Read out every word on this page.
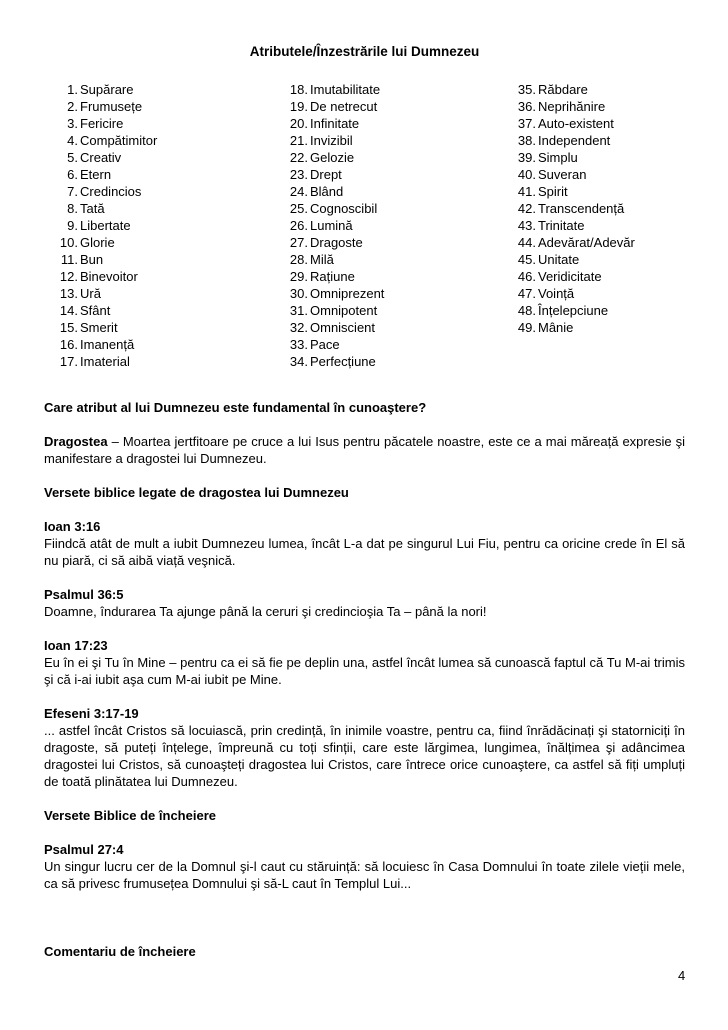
Atributele/Înzestrările lui Dumnezeu
1. Supărare
2. Frumusețe
3. Fericire
4. Compătimitor
5. Creativ
6. Etern
7. Credincios
8. Tată
9. Libertate
10. Glorie
11. Bun
12. Binevoitor
13. Ură
14. Sfânt
15. Smerit
16. Imanență
17. Imaterial
18. Imutabilitate
19. De netrecut
20. Infinitate
21. Invizibil
22. Gelozie
23. Drept
24. Blând
25. Cognoscibil
26. Lumină
27. Dragoste
28. Milă
29. Rațiune
30. Omniprezent
31. Omnipotent
32. Omniscient
33. Pace
34. Perfecțiune
35. Răbdare
36. Neprihănire
37. Auto-existent
38. Independent
39. Simplu
40. Suveran
41. Spirit
42. Transcendență
43. Trinitate
44. Adevărat/Adevăr
45. Unitate
46. Veridicitate
47. Voință
48. Înțelepciune
49. Mânie

Care atribut al lui Dumnezeu este fundamental în cunoaştere?

Dragostea – Moartea jertfitoare pe cruce a lui Isus pentru păcatele noastre, este ce a mai măreață expresie şi manifestare a dragostei lui Dumnezeu.

Versete biblice legate de dragostea lui Dumnezeu

Ioan 3:16

Fiindcă atât de mult a iubit Dumnezeu lumea, încât L-a dat pe singurul Lui Fiu, pentru ca oricine crede în El să nu piară, ci să aibă viață veşnică.

Psalmul 36:5

Doamne, îndurarea Ta ajunge până la ceruri şi credincioşia Ta – până la nori!

Ioan 17:23

Eu în ei şi Tu în Mine – pentru ca ei să fie pe deplin una, astfel încât lumea să cunoască faptul că Tu M-ai trimis şi că i-ai iubit aşa cum M-ai iubit pe Mine.

Efeseni 3:17-19

... astfel încât Cristos să locuiască, prin credință, în inimile voastre, pentru ca, fiind înrădăcinați şi statorniciți în dragoste, să puteți înțelege, împreună cu toți sfinții, care este lărgimea, lungimea, înălțimea şi adâncimea dragostei lui Cristos, să cunoaşteți dragostea lui Cristos, care întrece orice cunoaştere, ca astfel să fiți umpluți de toată plinătatea lui Dumnezeu.

Versete Biblice de încheiere

Psalmul 27:4

Un singur lucru cer de la Domnul şi-l caut cu stăruință: să locuiesc în Casa Domnului în toate zilele vieții mele, ca să privesc frumusețea Domnului şi să-L caut în Templul Lui...

Comentariu de încheiere

4
